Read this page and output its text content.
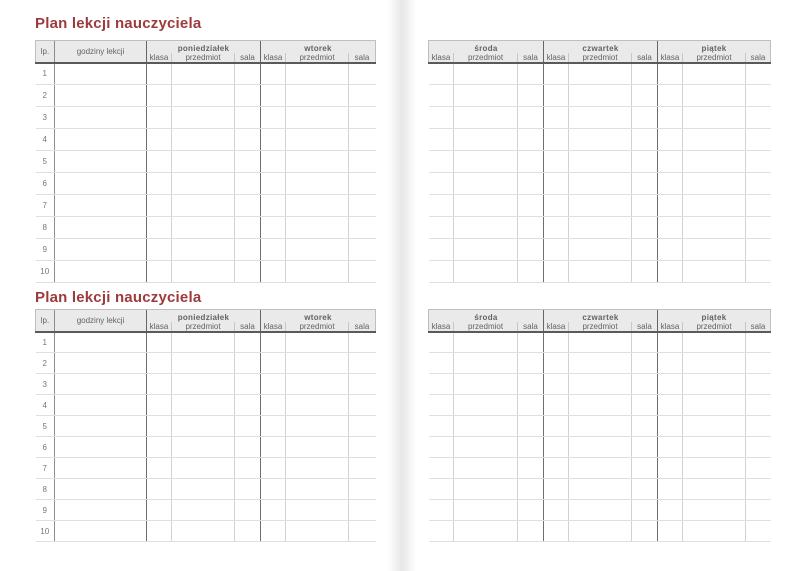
Plan lekcji nauczyciela
lp.	godziny lekcji	poniedziałek			wtorek		
		klasa	przedmiot	sala	klasa	przedmiot	sala
1							
2							
3							
4							
5							
6							
7							
8							
9							
10							
Plan lekcji nauczyciela
lp.	godziny lekcji	poniedziałek			wtorek		
		klasa	przedmiot	sala	klasa	przedmiot	sala
1							
2							
3							
4							
5							
6							
7							
8							
9							
10							
środa			czwartek			piątek		
klasa	przedmiot	sala	klasa	przedmiot	sala	klasa	przedmiot	sala

środa			czwartek			piątek		
klasa	przedmiot	sala	klasa	przedmiot	sala	klasa	przedmiot	sala
